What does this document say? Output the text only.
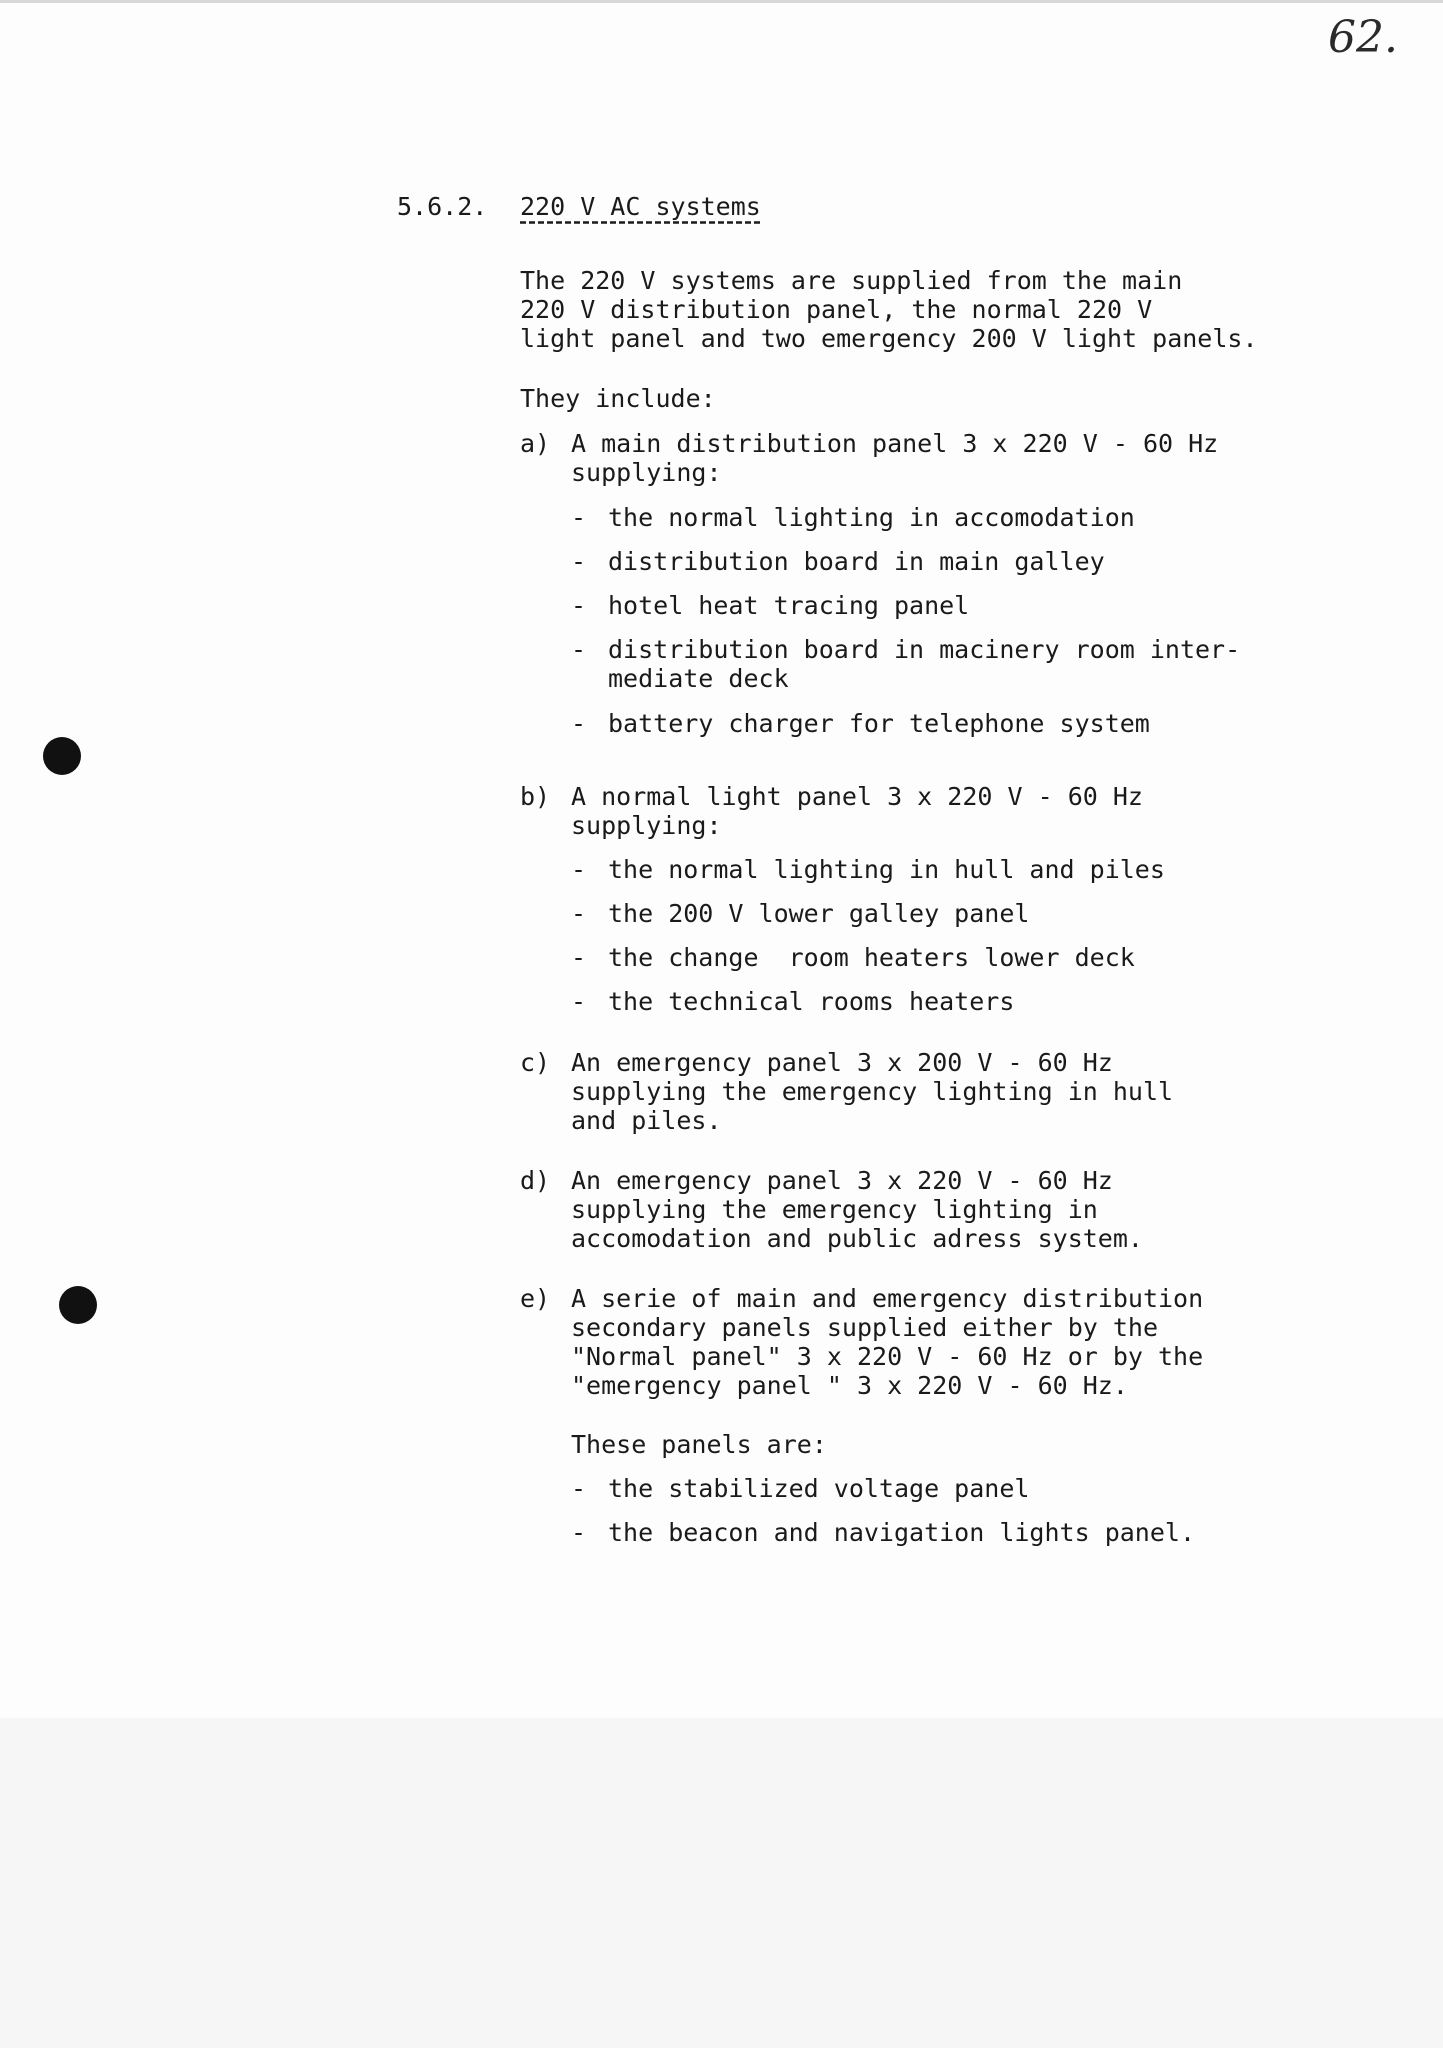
62.
5.6.2. 220 V AC systems
The 220 V systems are supplied from the main
220 V distribution panel, the normal 220 V
light panel and two emergency 200 V light panels.
They include:
a) A main distribution panel 3 x 220 V - 60 Hz
supplying:
- the normal lighting in accomodation
- distribution board in main galley
- hotel heat tracing panel
- distribution board in macinery room inter-
mediate deck
- battery charger for telephone system
b) A normal light panel 3 x 220 V - 60 Hz
supplying:
- the normal lighting in hull and piles
- the 200 V lower galley panel
- the change  room heaters lower deck
- the technical rooms heaters
c) An emergency panel 3 x 200 V - 60 Hz
supplying the emergency lighting in hull
and piles.
d) An emergency panel 3 x 220 V - 60 Hz
supplying the emergency lighting in
accomodation and public adress system.
e) A serie of main and emergency distribution
secondary panels supplied either by the
"Normal panel" 3 x 220 V - 60 Hz or by the
"emergency panel " 3 x 220 V - 60 Hz.
These panels are:
- the stabilized voltage panel
- the beacon and navigation lights panel.
